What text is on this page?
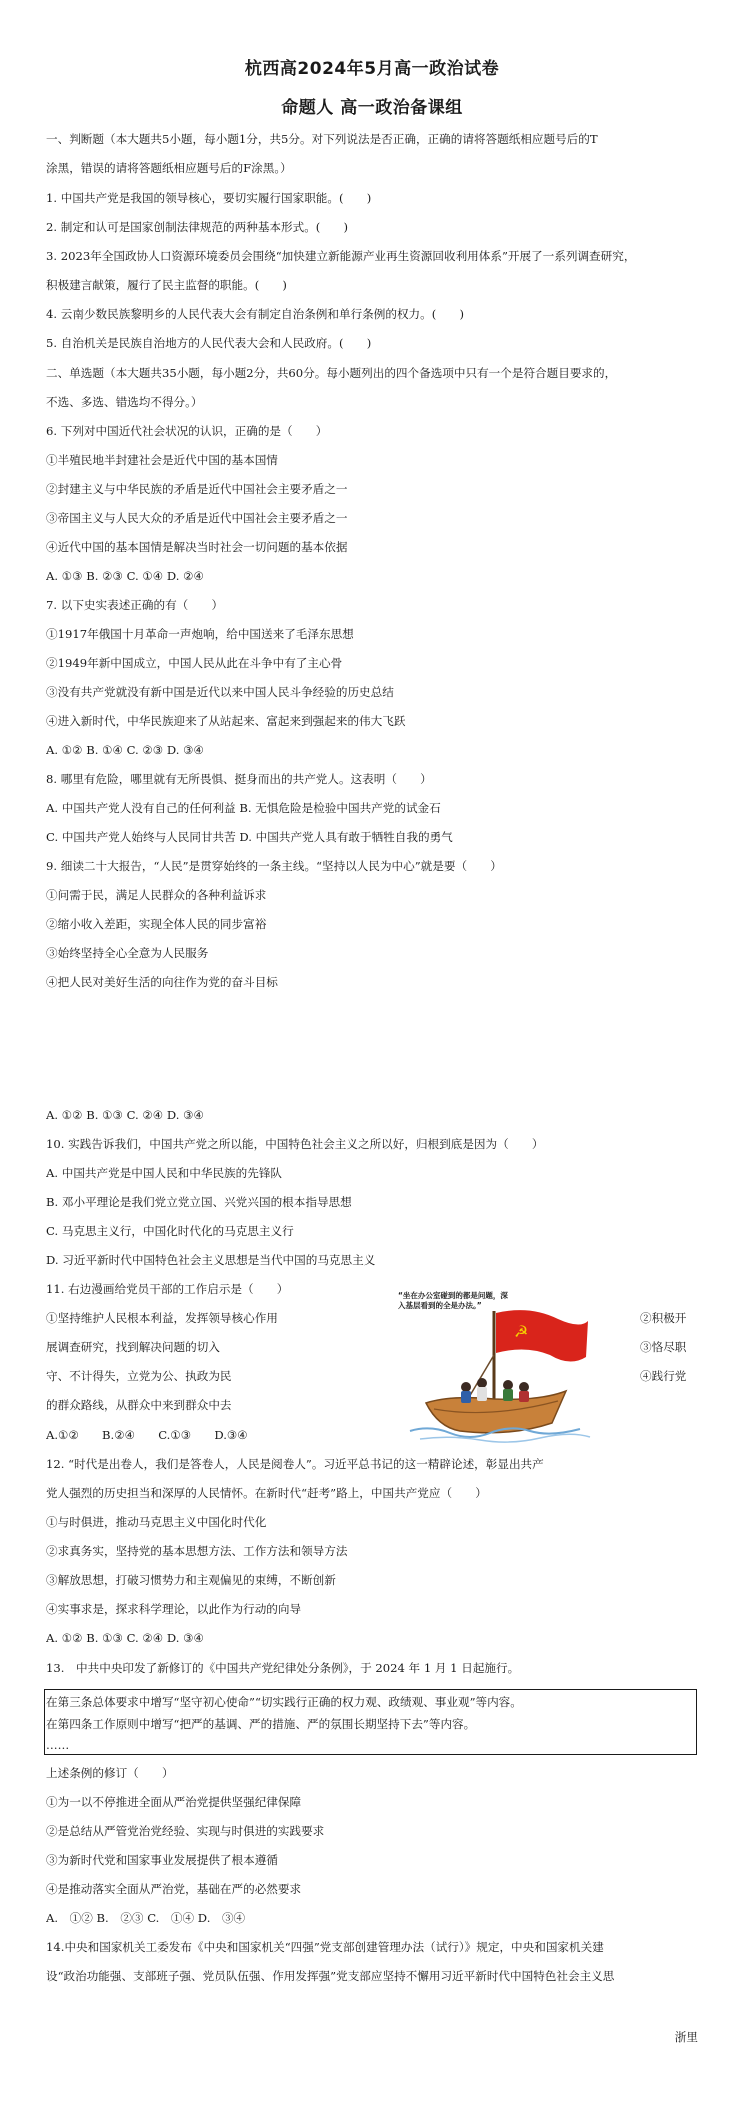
杭西高2024年5月高一政治试卷
命题人 高一政治备课组
一、判断题（本大题共5小题，每小题1分，共5分。对下列说法是否正确，正确的请将答题纸相应题号后的T
涂黑，错误的请将答题纸相应题号后的F涂黑。）
1. 中国共产党是我国的领导核心，要切实履行国家职能。(　　)
2. 制定和认可是国家创制法律规范的两种基本形式。(　　)
3. 2023年全国政协人口资源环境委员会围绕“加快建立新能源产业再生资源回收利用体系”开展了一系列调查研究，
积极建言献策，履行了民主监督的职能。(　　)
4. 云南少数民族黎明乡的人民代表大会有制定自治条例和单行条例的权力。(　　)
5. 自治机关是民族自治地方的人民代表大会和人民政府。(　　)
二、单选题（本大题共35小题，每小题2分，共60分。每小题列出的四个备选项中只有一个是符合题目要求的，
不选、多选、错选均不得分。）
6. 下列对中国近代社会状况的认识，正确的是（　　）
①半殖民地半封建社会是近代中国的基本国情
②封建主义与中华民族的矛盾是近代中国社会主要矛盾之一
③帝国主义与人民大众的矛盾是近代中国社会主要矛盾之一
④近代中国的基本国情是解决当时社会一切问题的基本依据
A. ①③ B. ②③ C. ①④ D. ②④
7. 以下史实表述正确的有（　　）
①1917年俄国十月革命一声炮响，给中国送来了毛泽东思想
②1949年新中国成立，中国人民从此在斗争中有了主心骨
③没有共产党就没有新中国是近代以来中国人民斗争经验的历史总结
④进入新时代，中华民族迎来了从站起来、富起来到强起来的伟大飞跃
A. ①② B. ①④ C. ②③ D. ③④
8. 哪里有危险，哪里就有无所畏惧、挺身而出的共产党人。这表明（　　）
A. 中国共产党人没有自己的任何利益 B. 无惧危险是检验中国共产党的试金石
C. 中国共产党人始终与人民同甘共苦 D. 中国共产党人具有敢于牺牲自我的勇气
9. 细读二十大报告，“人民”是贯穿始终的一条主线。“坚持以人民为中心”就是要（　　）
①问需于民，满足人民群众的各种利益诉求
②缩小收入差距，实现全体人民的同步富裕
③始终坚持全心全意为人民服务
④把人民对美好生活的向往作为党的奋斗目标
A. ①② B. ①③ C. ②④ D. ③④
10. 实践告诉我们，中国共产党之所以能，中国特色社会主义之所以好，归根到底是因为（　　）
A. 中国共产党是中国人民和中华民族的先锋队
B. 邓小平理论是我们党立党立国、兴党兴国的根本指导思想
C. 马克思主义行，中国化时代化的马克思主义行
D. 习近平新时代中国特色社会主义思想是当代中国的马克思主义
11. 右边漫画给党员干部的工作启示是（　　）
①坚持维护人民根本利益，发挥领导核心作用	②积极开
展调查研究，找到解决问题的切入	③恪尽职
守、不计得失，立党为公、执政为民	④践行党
的群众路线，从群众中来到群众中去
A.①②　　B.②④　　C.①③　　D.③④
“坐在办公室碰到的都是问题，深入基层看到的全是办法。”
☭
12. “时代是出卷人，我们是答卷人，人民是阅卷人”。习近平总书记的这一精辟论述，彰显出共产
党人强烈的历史担当和深厚的人民情怀。在新时代“赶考”路上，中国共产党应（　　）
①与时俱进，推动马克思主义中国化时代化
②求真务实，坚持党的基本思想方法、工作方法和领导方法
③解放思想，打破习惯势力和主观偏见的束缚，不断创新
④实事求是，探求科学理论，以此作为行动的向导
A. ①② B. ①③ C. ②④ D. ③④
13.　中共中央印发了新修订的《中国共产党纪律处分条例》，于 2024 年 1 月 1 日起施行。
在第三条总体要求中增写“坚守初心使命”“切实践行正确的权力观、政绩观、事业观”等内容。
在第四条工作原则中增写“把严的基调、严的措施、严的氛围长期坚持下去”等内容。
……
上述条例的修订（　　）
①为一以不停推进全面从严治党提供坚强纪律保障
②是总结从严管党治党经验、实现与时俱进的实践要求
③为新时代党和国家事业发展提供了根本遵循
④是推动落实全面从严治党，基础在严的必然要求
A.　①② B.　②③ C.　①④ D.　③④
14.中央和国家机关工委发布《中央和国家机关“四强”党支部创建管理办法（试行）》规定，中央和国家机关建
设“政治功能强、支部班子强、党员队伍强、作用发挥强”党支部应坚持不懈用习近平新时代中国特色社会主义思
浙里
